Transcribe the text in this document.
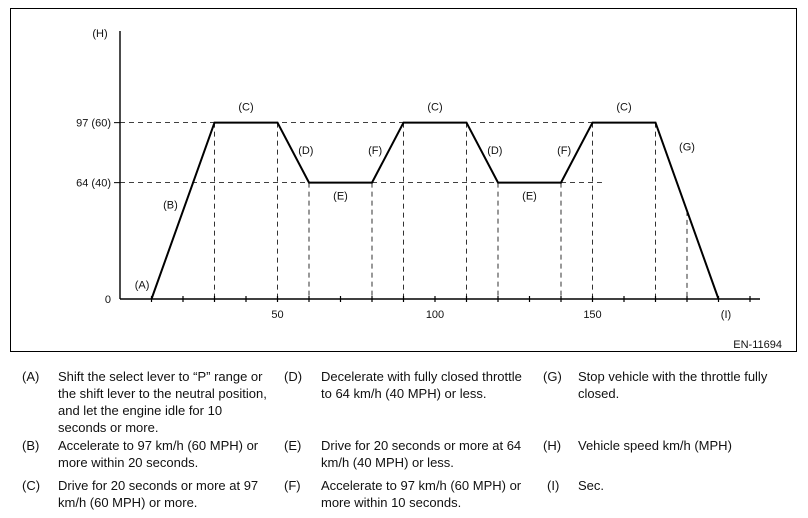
0
64 (40)
97 (60)
50	100	150
(H)
(I)
(A)
(B)
(C)
(D)
(E)
(F)
(C)
(D)
(E)
(F)
(C)
(G)
EN-11694
(A) Shift the select lever to “P” range or the shift lever to the neutral position, and let the engine idle for 10 seconds or more.
(B) Accelerate to 97 km/h (60 MPH) or more within 20 seconds.
(C) Drive for 20 seconds or more at 97 km/h (60 MPH) or more.
(D) Decelerate with fully closed throttle to 64 km/h (40 MPH) or less.
(E) Drive for 20 seconds or more at 64 km/h (40 MPH) or less.
(F) Accelerate to 97 km/h (60 MPH) or more within 10 seconds.
(G) Stop vehicle with the throttle fully closed.
(H) Vehicle speed km/h (MPH)
(I) Sec.
